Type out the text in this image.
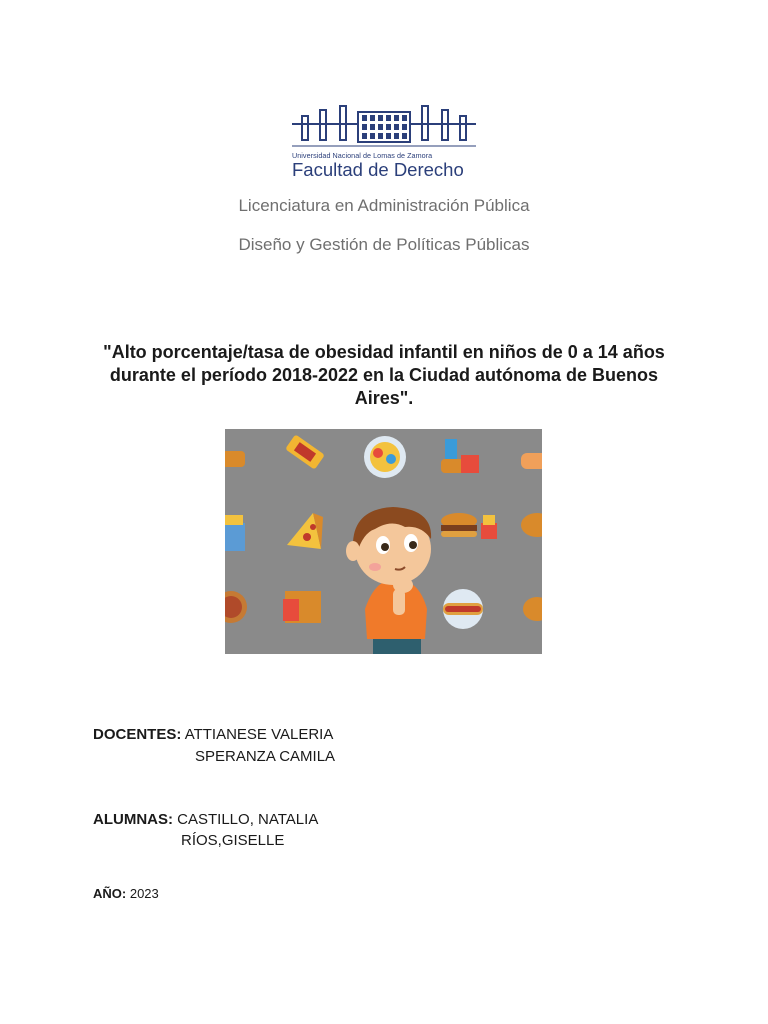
Universidad Nacional de Lomas de Zamora
Facultad de Derecho
Licenciatura en Administración Pública
Diseño y Gestión de Políticas Públicas
"Alto porcentaje/tasa de obesidad infantil en niños de 0 a 14 años durante el período 2018-2022 en la Ciudad autónoma de Buenos Aires".
DOCENTES: ATTIANESE VALERIA
SPERANZA CAMILA
ALUMNAS: CASTILLO, NATALIA
RÍOS,GISELLE
AÑO: 2023
